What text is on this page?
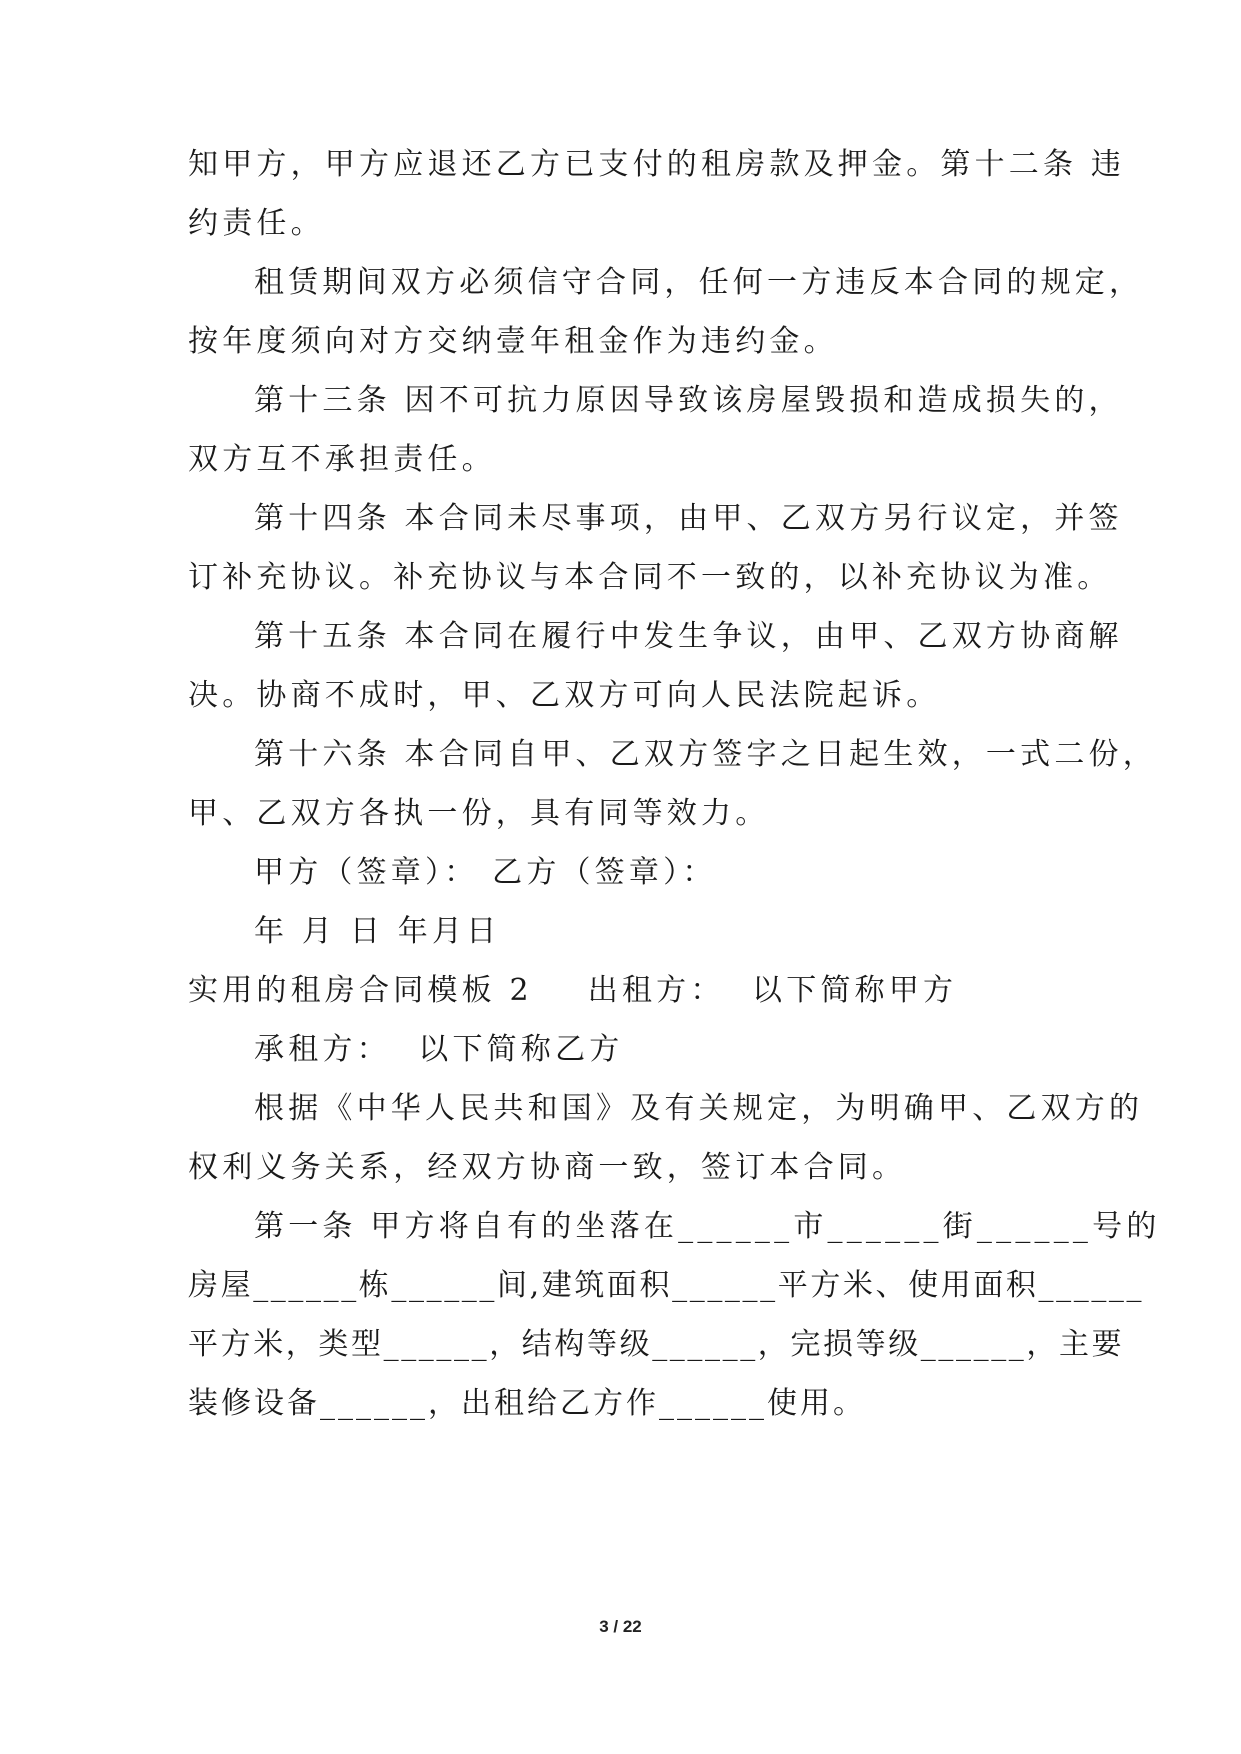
知甲方，甲方应退还乙方已支付的租房款及押金。第十二条 违
约责任。
租赁期间双方必须信守合同，任何一方违反本合同的规定，
按年度须向对方交纳壹年租金作为违约金。
第十三条 因不可抗力原因导致该房屋毁损和造成损失的，
双方互不承担责任。
第十四条 本合同未尽事项，由甲、乙双方另行议定，并签
订补充协议。补充协议与本合同不一致的，以补充协议为准。
第十五条 本合同在履行中发生争议，由甲、乙双方协商解
决。协商不成时，甲、乙双方可向人民法院起诉。
第十六条 本合同自甲、乙双方签字之日起生效，一式二份，
甲、乙双方各执一份，具有同等效力。
甲方（签章）： 乙方（签章）：
年 月 日 年月日
实用的租房合同模板 2    出租方：  以下简称甲方
承租方：  以下简称乙方
根据《中华人民共和国》及有关规定，为明确甲、乙双方的
权利义务关系，经双方协商一致，签订本合同。
第一条 甲方将自有的坐落在______市______街______号的
房屋______栋______间,建筑面积______平方米、使用面积______
平方米，类型______，结构等级______，完损等级______，主要
装修设备______，出租给乙方作______使用。
3 / 22
